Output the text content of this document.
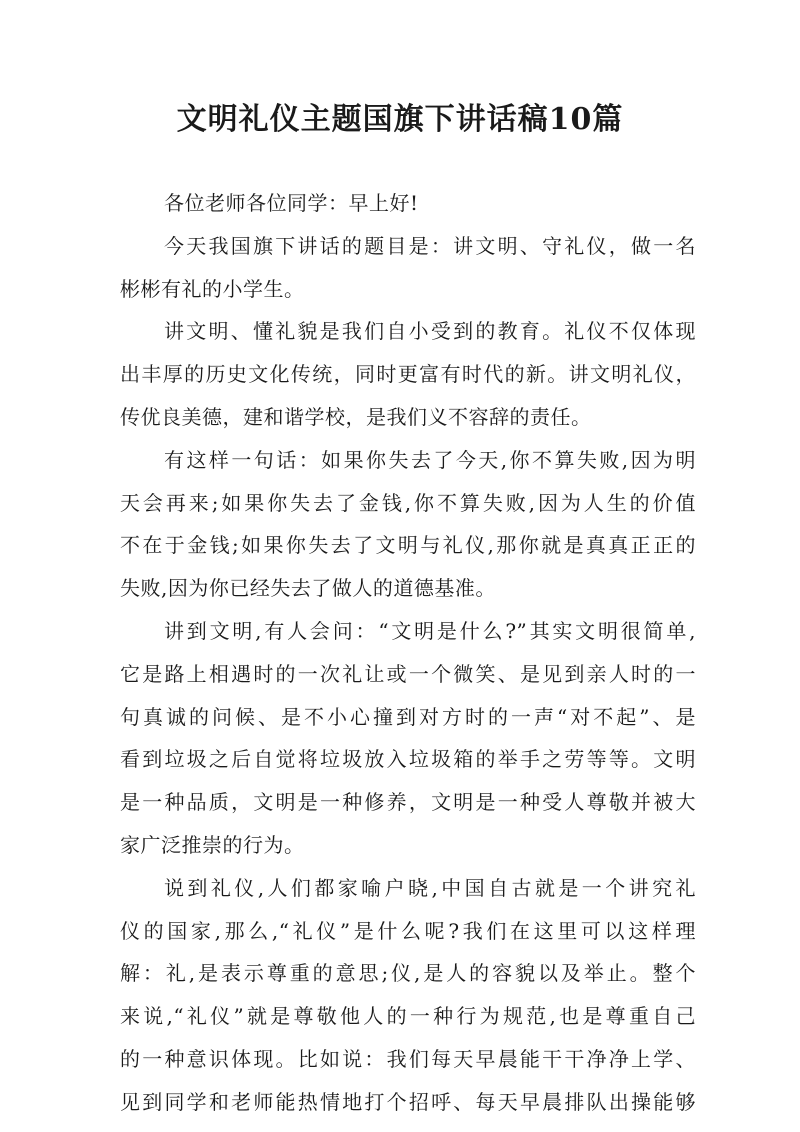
文明礼仪主题国旗下讲话稿10篇

各位老师各位同学：早上好!

今天我国旗下讲话的题目是：讲文明、守礼仪，做一名
彬彬有礼的小学生。

讲文明、懂礼貌是我们自小受到的教育。礼仪不仅体现
出丰厚的历史文化传统，同时更富有时代的新。讲文明礼仪，
传优良美德，建和谐学校，是我们义不容辞的责任。

有这样一句话：如果你失去了今天,你不算失败,因为明
天会再来;如果你失去了金钱,你不算失败,因为人生的价值
不在于金钱;如果你失去了文明与礼仪,那你就是真真正正的
失败,因为你已经失去了做人的道德基准。

讲到文明,有人会问：“文明是什么?”其实文明很简单,
它是路上相遇时的一次礼让或一个微笑、是见到亲人时的一
句真诚的问候、是不小心撞到对方时的一声“对不起”、是
看到垃圾之后自觉将垃圾放入垃圾箱的举手之劳等等。文明
是一种品质，文明是一种修养，文明是一种受人尊敬并被大
家广泛推崇的行为。

说到礼仪,人们都家喻户晓,中国自古就是一个讲究礼
仪的国家,那么,“礼仪”是什么呢?我们在这里可以这样理
解：礼,是表示尊重的意思;仪,是人的容貌以及举止。整个
来说,“礼仪”就是尊敬他人的一种行为规范,也是尊重自己
的一种意识体现。比如说：我们每天早晨能干干净净上学、
见到同学和老师能热情地打个招呼、每天早晨排队出操能够
